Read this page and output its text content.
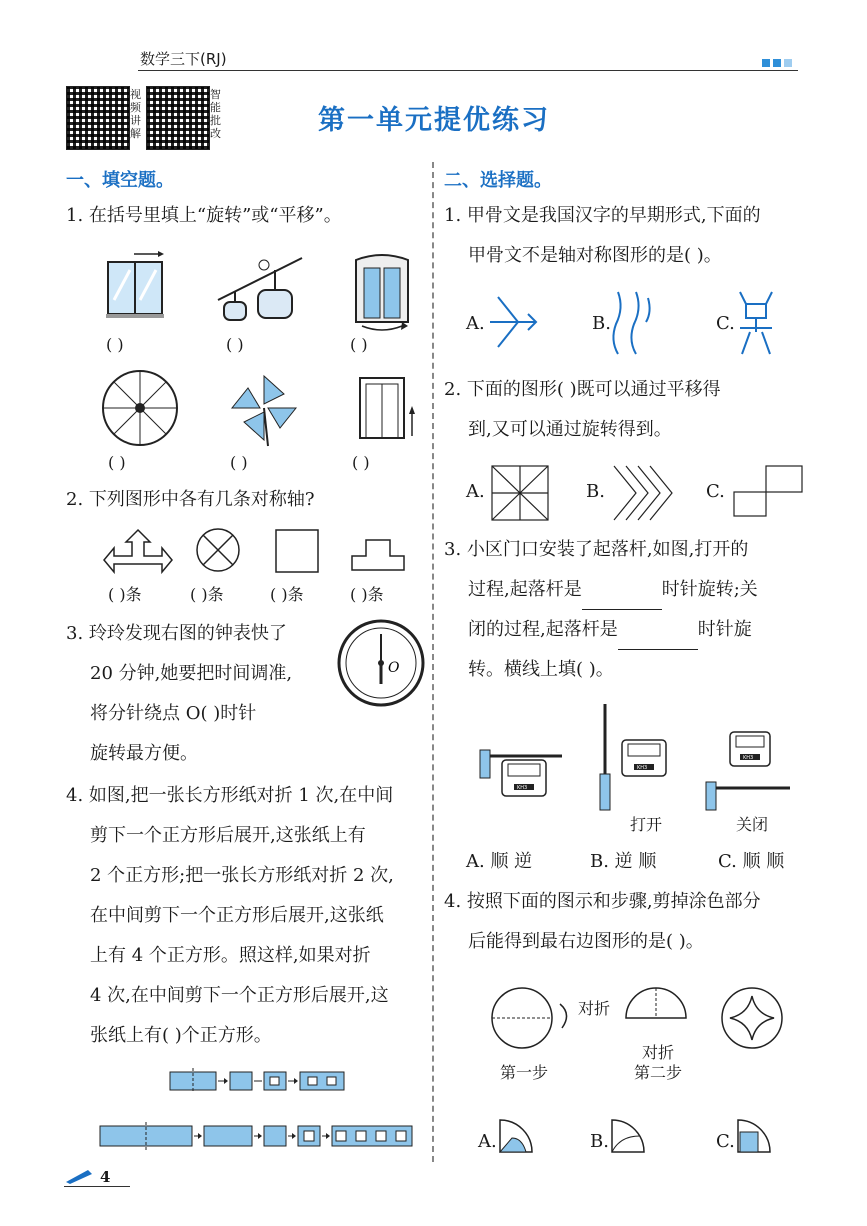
数学三下(RJ)
视频讲解
智能批改	第一单元提优练习
一、填空题。
1. 在括号里填上“旋转”或“平移”。
( )	( )	( )
( )	( )	( )
2. 下列图形中各有几条对称轴?
( )条	( )条	( )条	( )条
3. 玲玲发现右图的钟表快了
20 分钟,她要把时间调准,
将分针绕点 O( )时针
旋转最方便。
O
4. 如图,把一张长方形纸对折 1 次,在中间
剪下一个正方形后展开,这张纸上有
2 个正方形;把一张长方形纸对折 2 次,
在中间剪下一个正方形后展开,这张纸
上有 4 个正方形。照这样,如果对折
4 次,在中间剪下一个正方形后展开,这
张纸上有( )个正方形。
二、选择题。
1. 甲骨文是我国汉字的早期形式,下面的
甲骨文不是轴对称图形的是( )。
A.	B.	C.
2. 下面的图形( )既可以通过平移得
到,又可以通过旋转得到。
A.	B.	C.
3. 小区门口安装了起落杆,如图,打开的
过程,起落杆是	时针旋转;关
闭的过程,起落杆是	时针旋
转。横线上填( )。
KH3
KH3
KH3
打开	关闭
A. 顺 逆	B. 逆 顺	C. 顺 顺
4. 按照下面的图示和步骤,剪掉涂色部分
后能得到最右边图形的是( )。
对折
对折
第一步	第二步
A.	B.	C.
4
